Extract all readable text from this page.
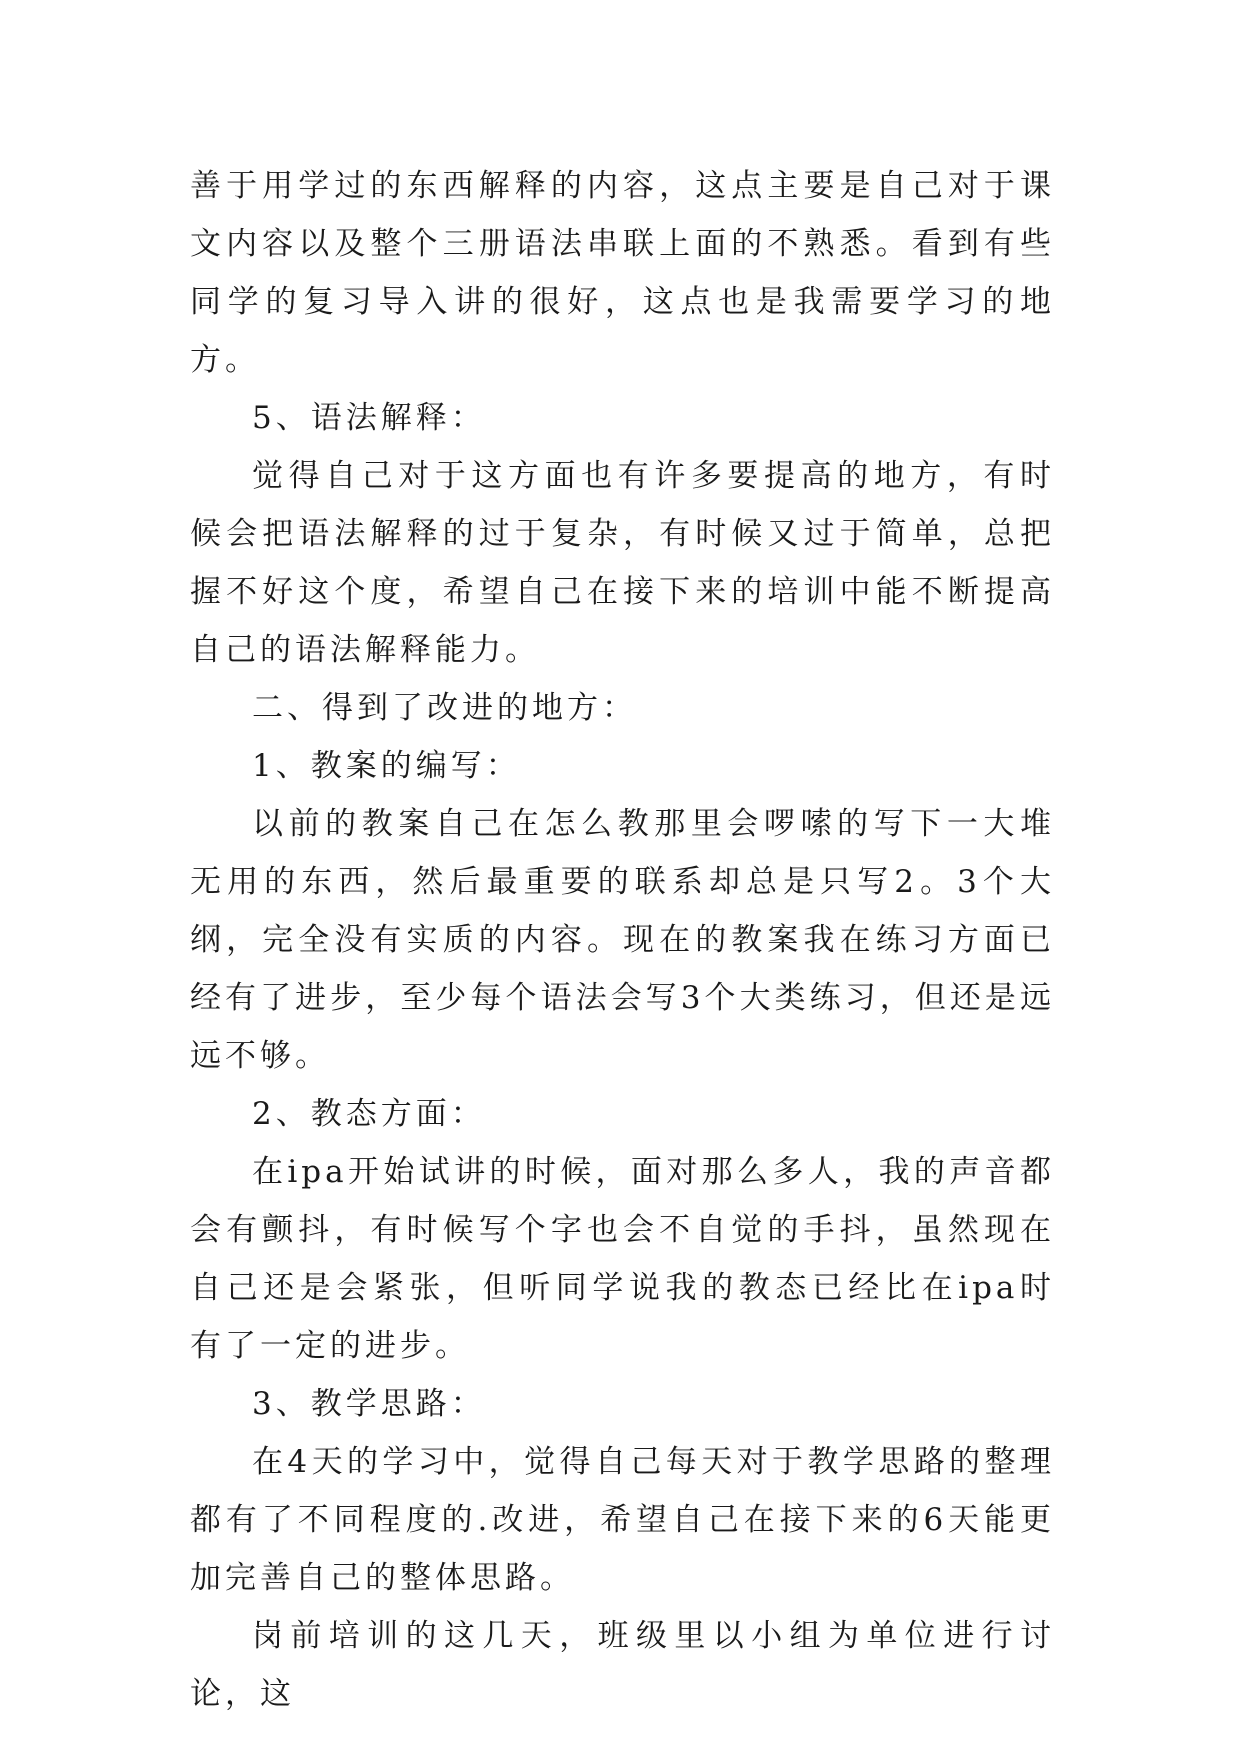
善于用学过的东西解释的内容，这点主要是自己对于课文内容以及整个三册语法串联上面的不熟悉。看到有些同学的复习导入讲的很好，这点也是我需要学习的地方。

5、语法解释：

觉得自己对于这方面也有许多要提高的地方，有时候会把语法解释的过于复杂，有时候又过于简单，总把握不好这个度，希望自己在接下来的培训中能不断提高自己的语法解释能力。

二、得到了改进的地方：

1、教案的编写：

以前的教案自己在怎么教那里会啰嗦的写下一大堆无用的东西，然后最重要的联系却总是只写2。3个大纲，完全没有实质的内容。现在的教案我在练习方面已经有了进步，至少每个语法会写3个大类练习，但还是远远不够。

2、教态方面：

在ipa开始试讲的时候，面对那么多人，我的声音都会有颤抖，有时候写个字也会不自觉的手抖，虽然现在自己还是会紧张，但听同学说我的教态已经比在ipa时有了一定的进步。

3、教学思路：

在4天的学习中，觉得自己每天对于教学思路的整理都有了不同程度的.改进，希望自己在接下来的6天能更加完善自己的整体思路。

岗前培训的这几天，班级里以小组为单位进行讨论，这
